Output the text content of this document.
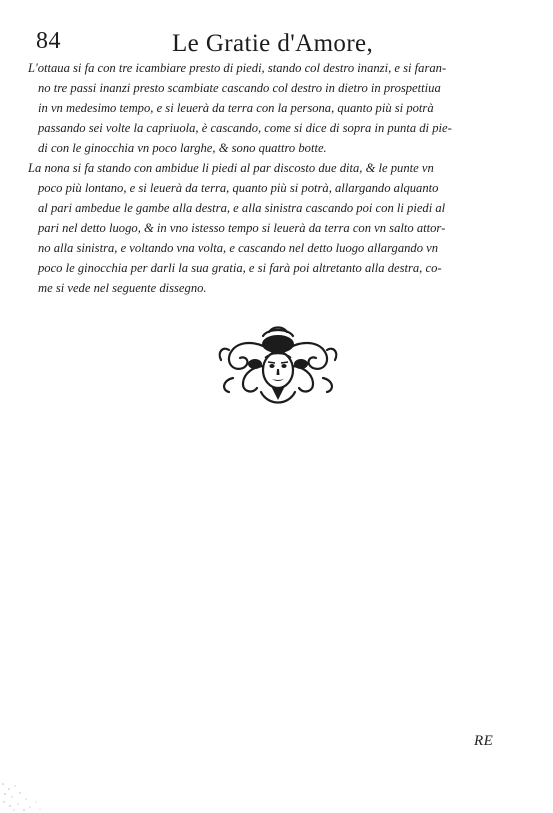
84	Le Gratie d'Amore,

L'ottaua si fa con tre icambiare presto di piedi, stando col destro inanzi, e si faran-
no tre passi inanzi presto scambiate cascando col destro in dietro in prospettiua
in vn medesimo tempo, e si leuerà da terra con la persona, quanto più si potrà
passando sei volte la capriuola, è cascando, come si dice di sopra in punta di pie-
di con le ginocchia vn poco larghe, & sono quattro botte.

La nona si fa stando con ambidue li piedi al par discosto due dita, & le punte vn
poco più lontano, e si leuerà da terra, quanto più si potrà, allargando alquanto
al pari ambedue le gambe alla destra, e alla sinistra cascando poi con li piedi al
pari nel detto luogo, & in vno istesso tempo si leuerà da terra con vn salto attor-
no alla sinistra, e voltando vna volta, e cascando nel detto luogo allargando vn
poco le ginocchia per darli la sua gratia, e si farà poi altretanto alla destra, co-
me si vede nel seguente dissegno.

RE
